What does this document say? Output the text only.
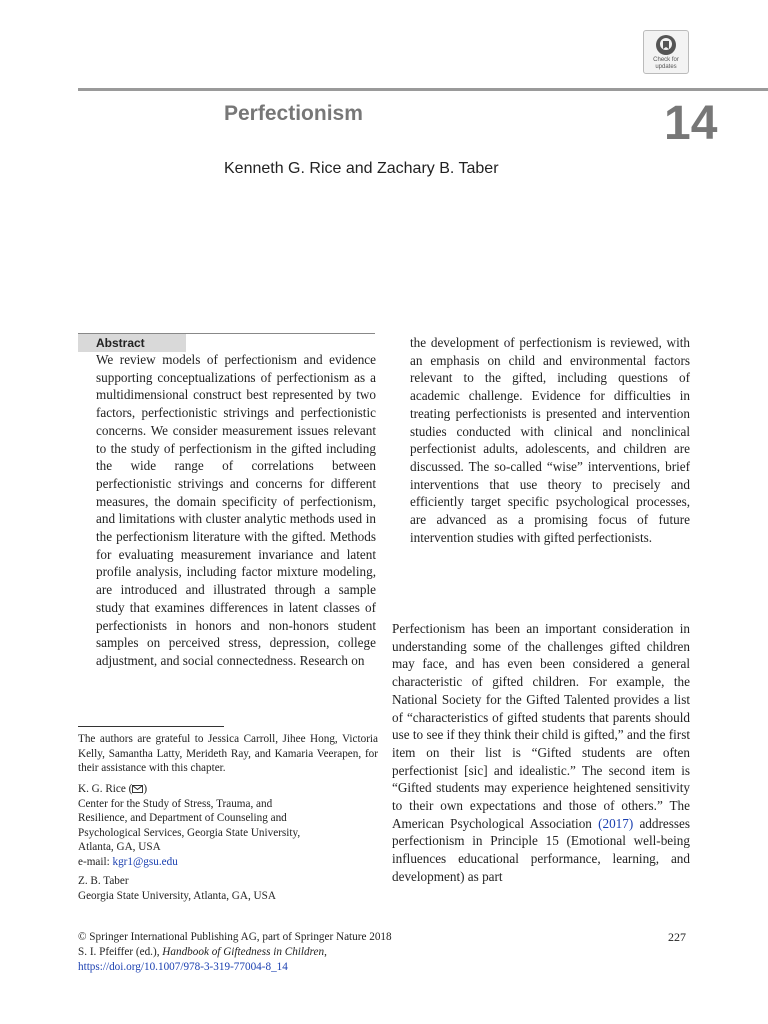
Check for
updates
Perfectionism	14
Kenneth G. Rice and Zachary B. Taber
Abstract
We review models of perfectionism and evidence supporting conceptualizations of perfectionism as a multidimensional construct best represented by two factors, perfectionistic strivings and perfectionistic concerns. We consider measurement issues relevant to the study of perfectionism in the gifted including the wide range of correlations between perfectionistic strivings and concerns for different measures, the domain specificity of perfectionism, and limitations with cluster analytic methods used in the perfectionism literature with the gifted. Methods for evaluating measurement invariance and latent profile analysis, including factor mixture modeling, are introduced and illustrated through a sample study that examines differences in latent classes of perfectionists in honors and non-honors student samples on perceived stress, depression, college adjustment, and social connectedness. Research on
the development of perfectionism is reviewed, with an emphasis on child and environmental factors relevant to the gifted, including questions of academic challenge. Evidence for difficulties in treating perfectionists is presented and intervention studies conducted with clinical and nonclinical perfectionist adults, adolescents, and children are discussed. The so-called “wise” interventions, brief interventions that use theory to precisely and efficiently target specific psychological processes, are advanced as a promising focus of future intervention studies with gifted perfectionists.
Perfectionism has been an important consideration in understanding some of the challenges gifted children may face, and has even been considered a general characteristic of gifted children. For example, the National Society for the Gifted Talented provides a list of “characteristics of gifted students that parents should use to see if they think their child is gifted,” and the first item on their list is “Gifted students are often perfectionist [sic] and idealistic.” The second item is “Gifted students may experience heightened sensitivity to their own expectations and those of others.” The American Psychological Association (2017) addresses perfectionism in Principle 15 (Emotional well-being influences educational performance, learning, and development) as part
The authors are grateful to Jessica Carroll, Jihee Hong, Victoria Kelly, Samantha Latty, Merideth Ray, and Kamaria Veerapen, for their assistance with this chapter.
K. G. Rice ( )
Center for the Study of Stress, Trauma, and
Resilience, and Department of Counseling and
Psychological Services, Georgia State University,
Atlanta, GA, USA
e-mail: kgr1@gsu.edu
Z. B. Taber
Georgia State University, Atlanta, GA, USA
© Springer International Publishing AG, part of Springer Nature 2018
S. I. Pfeiffer (ed.), Handbook of Giftedness in Children,
https://doi.org/10.1007/978-3-319-77004-8_14
227
